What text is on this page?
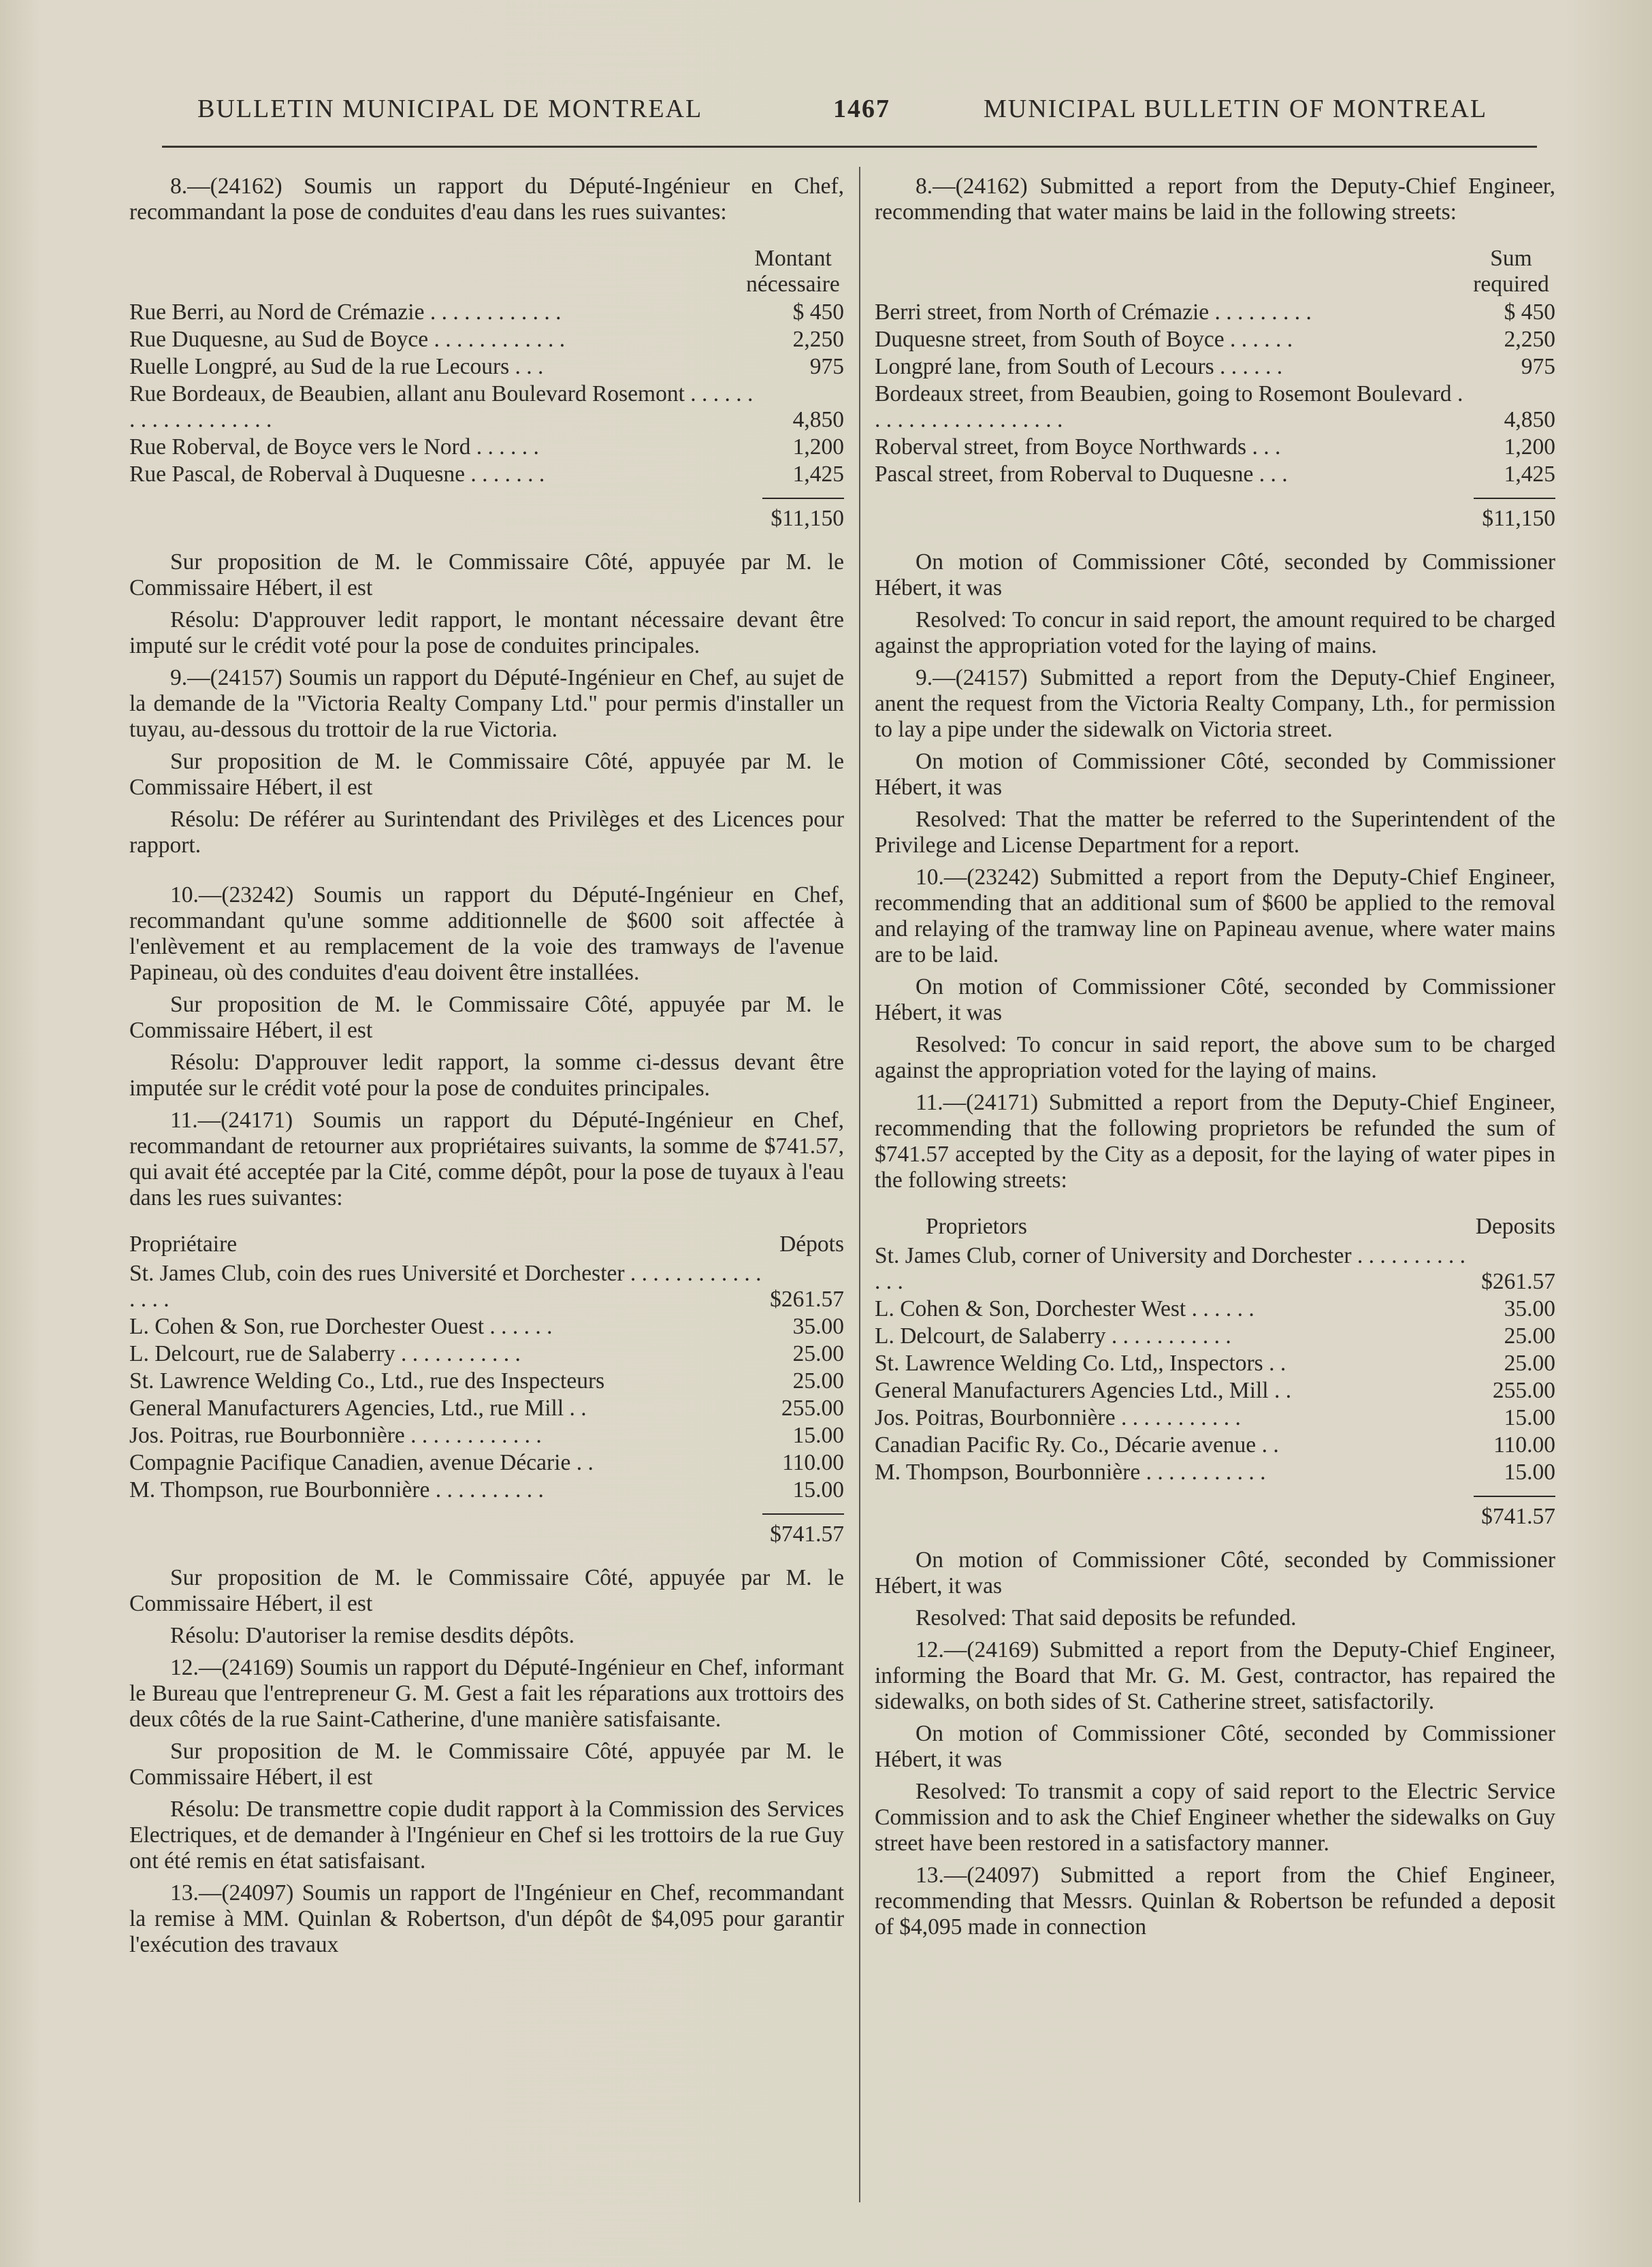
BULLETIN MUNICIPAL DE MONTREAL	1467	MUNICIPAL BULLETIN OF MONTREAL

8.—(24162) Soumis un rapport du Député-Ingénieur en Chef, recommandant la pose de conduites d'eau dans les rues suivantes:

Montant nécessaire
Rue Berri, au Nord de Crémazie . . . . . . . . . . . .	$ 450
Rue Duquesne, au Sud de Boyce . . . . . . . . . . . .	2,250
Ruelle Longpré, au Sud de la rue Lecours . . .	975
Rue Bordeaux, de Beaubien, allant anu Boulevard Rosemont . . . . . . . . . . . . . . . . . . .	4,850
Rue Roberval, de Boyce vers le Nord . . . . . .	1,200
Rue Pascal, de Roberval à Duquesne . . . . . . .	1,425
$11,150

Sur proposition de M. le Commissaire Côté, appuyée par M. le Commissaire Hébert, il est

Résolu: D'approuver ledit rapport, le montant nécessaire devant être imputé sur le crédit voté pour la pose de conduites principales.

9.—(24157) Soumis un rapport du Député-Ingénieur en Chef, au sujet de la demande de la "Victoria Realty Company Ltd." pour permis d'installer un tuyau, au-dessous du trottoir de la rue Victoria.

Sur proposition de M. le Commissaire Côté, appuyée par M. le Commissaire Hébert, il est

Résolu: De référer au Surintendant des Privilèges et des Licences pour rapport.

10.—(23242) Soumis un rapport du Député-Ingénieur en Chef, recommandant qu'une somme additionnelle de $600 soit affectée à l'enlèvement et au remplacement de la voie des tramways de l'avenue Papineau, où des conduites d'eau doivent être installées.

Sur proposition de M. le Commissaire Côté, appuyée par M. le Commissaire Hébert, il est

Résolu: D'approuver ledit rapport, la somme ci-dessus devant être imputée sur le crédit voté pour la pose de conduites principales.

11.—(24171) Soumis un rapport du Député-Ingénieur en Chef, recommandant de retourner aux propriétaires suivants, la somme de $741.57, qui avait été acceptée par la Cité, comme dépôt, pour la pose de tuyaux à l'eau dans les rues suivantes:

Propriétaire	Dépots
St. James Club, coin des rues Université et Dorchester . . . . . . . . . . . . . . . .	$261.57
L. Cohen & Son, rue Dorchester Ouest . . . . . .	35.00
L. Delcourt, rue de Salaberry . . . . . . . . . . .	25.00
St. Lawrence Welding Co., Ltd., rue des Inspecteurs	25.00
General Manufacturers Agencies, Ltd., rue Mill . .	255.00
Jos. Poitras, rue Bourbonnière . . . . . . . . . . . .	15.00
Compagnie Pacifique Canadien, avenue Décarie . .	110.00
M. Thompson, rue Bourbonnière . . . . . . . . . .	15.00
$741.57

Sur proposition de M. le Commissaire Côté, appuyée par M. le Commissaire Hébert, il est

Résolu: D'autoriser la remise desdits dépôts.

12.—(24169) Soumis un rapport du Député-Ingénieur en Chef, informant le Bureau que l'entrepreneur G. M. Gest a fait les réparations aux trottoirs des deux côtés de la rue Saint-Catherine, d'une manière satisfaisante.

Sur proposition de M. le Commissaire Côté, appuyée par M. le Commissaire Hébert, il est

Résolu: De transmettre copie dudit rapport à la Commission des Services Electriques, et de demander à l'Ingénieur en Chef si les trottoirs de la rue Guy ont été remis en état satisfaisant.

13.—(24097) Soumis un rapport de l'Ingénieur en Chef, recommandant la remise à MM. Quinlan & Robertson, d'un dépôt de $4,095 pour garantir l'exécution des travaux

8.—(24162) Submitted a report from the Deputy-Chief Engineer, recommending that water mains be laid in the following streets:

Sum required
Berri street, from North of Crémazie . . . . . . . . .	$ 450
Duquesne street, from South of Boyce . . . . . .	2,250
Longpré lane, from South of Lecours . . . . . .	975
Bordeaux street, from Beaubien, going to Rosemont Boulevard . . . . . . . . . . . . . . . . . .	4,850
Roberval street, from Boyce Northwards . . .	1,200
Pascal street, from Roberval to Duquesne . . .	1,425
$11,150

On motion of Commissioner Côté, seconded by Commissioner Hébert, it was

Resolved: To concur in said report, the amount required to be charged against the appropriation voted for the laying of mains.

9.—(24157) Submitted a report from the Deputy-Chief Engineer, anent the request from the Victoria Realty Company, Lth., for permission to lay a pipe under the sidewalk on Victoria street.

On motion of Commissioner Côté, seconded by Commissioner Hébert, it was

Resolved: That the matter be referred to the Superintendent of the Privilege and License Department for a report.

10.—(23242) Submitted a report from the Deputy-Chief Engineer, recommending that an additional sum of $600 be applied to the removal and relaying of the tramway line on Papineau avenue, where water mains are to be laid.

On motion of Commissioner Côté, seconded by Commissioner Hébert, it was

Resolved: To concur in said report, the above sum to be charged against the appropriation voted for the laying of mains.

11.—(24171) Submitted a report from the Deputy-Chief Engineer, recommending that the following proprietors be refunded the sum of $741.57 accepted by the City as a deposit, for the laying of water pipes in the following streets:

Proprietors	Deposits
St. James Club, corner of University and Dorchester . . . . . . . . . . . . .	$261.57
L. Cohen & Son, Dorchester West . . . . . .	35.00
L. Delcourt, de Salaberry . . . . . . . . . . .	25.00
St. Lawrence Welding Co. Ltd,, Inspectors . .	25.00
General Manufacturers Agencies Ltd., Mill . .	255.00
Jos. Poitras, Bourbonnière . . . . . . . . . . .	15.00
Canadian Pacific Ry. Co., Décarie avenue . .	110.00
M. Thompson, Bourbonnière . . . . . . . . . . .	15.00
$741.57

On motion of Commissioner Côté, seconded by Commissioner Hébert, it was

Resolved: That said deposits be refunded.

12.—(24169) Submitted a report from the Deputy-Chief Engineer, informing the Board that Mr. G. M. Gest, contractor, has repaired the sidewalks, on both sides of St. Catherine street, satisfactorily.

On motion of Commissioner Côté, seconded by Commissioner Hébert, it was

Resolved: To transmit a copy of said report to the Electric Service Commission and to ask the Chief Engineer whether the sidewalks on Guy street have been restored in a satisfactory manner.

13.—(24097) Submitted a report from the Chief Engineer, recommending that Messrs. Quinlan & Robertson be refunded a deposit of $4,095 made in connection
